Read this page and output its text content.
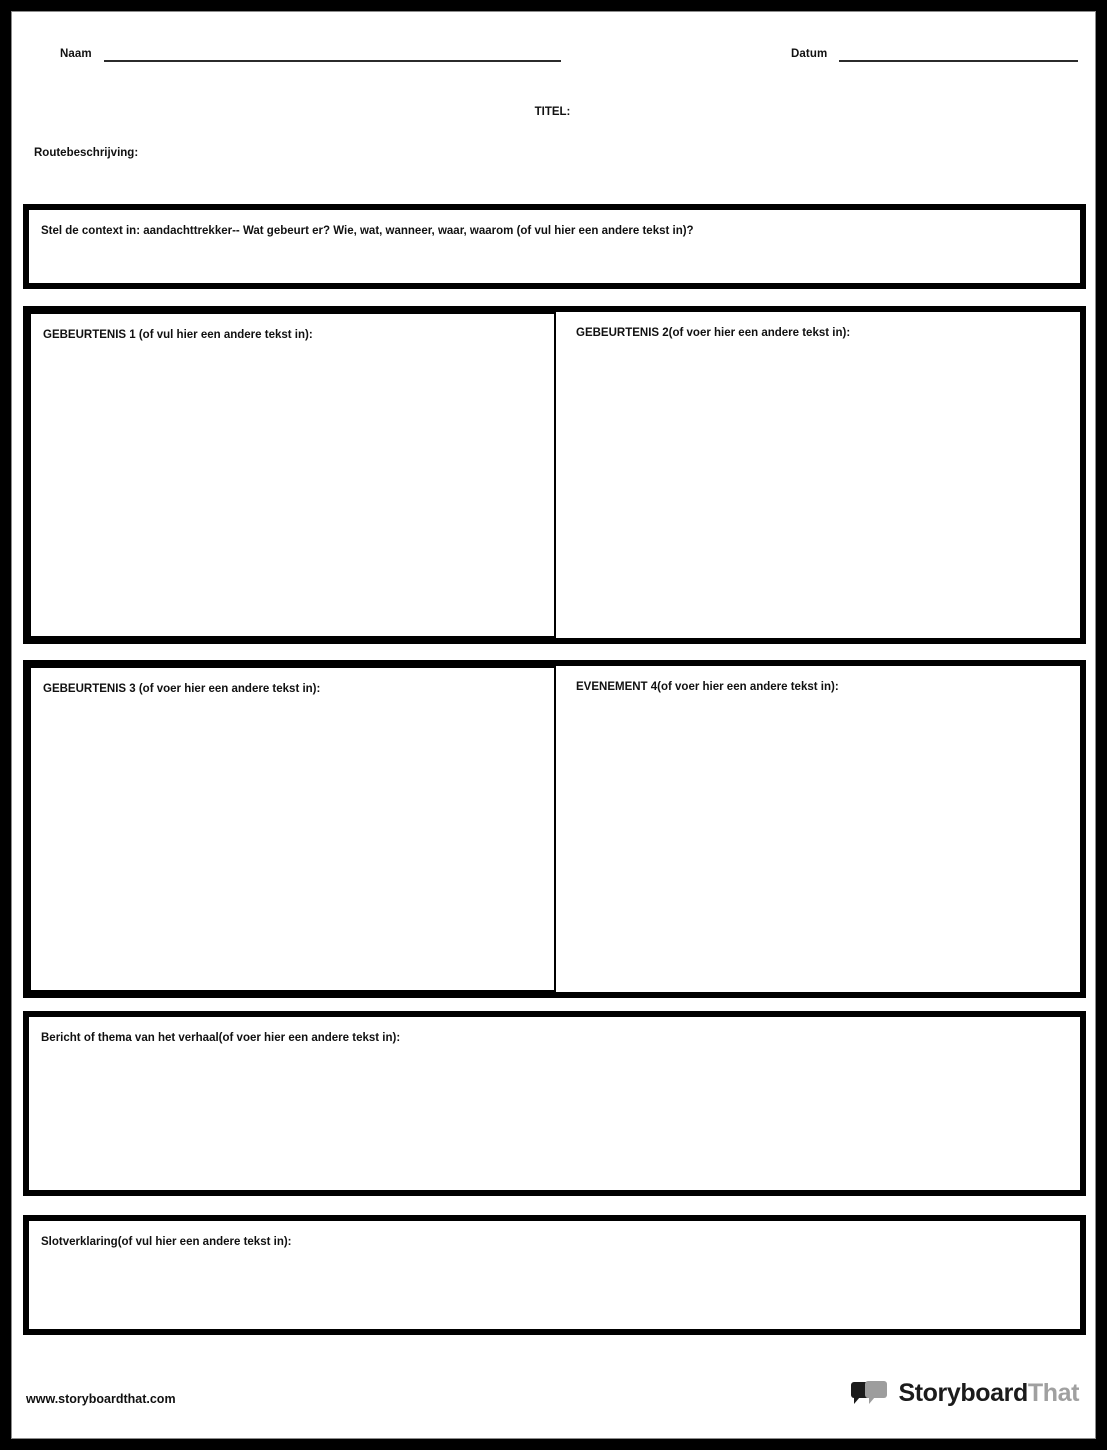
Naam	Datum
TITEL:
Routebeschrijving:
Stel de context in: aandachttrekker-- Wat gebeurt er? Wie, wat, wanneer, waar, waarom (of vul hier een andere tekst in)?
GEBEURTENIS 1 (of vul hier een andere tekst in):	GEBEURTENIS 2(of voer hier een andere tekst in):
GEBEURTENIS 3 (of voer hier een andere tekst in):	EVENEMENT 4(of voer hier een andere tekst in):
Bericht of thema van het verhaal(of voer hier een andere tekst in):
Slotverklaring(of vul hier een andere tekst in):
www.storyboardthat.com	StoryboardThat
